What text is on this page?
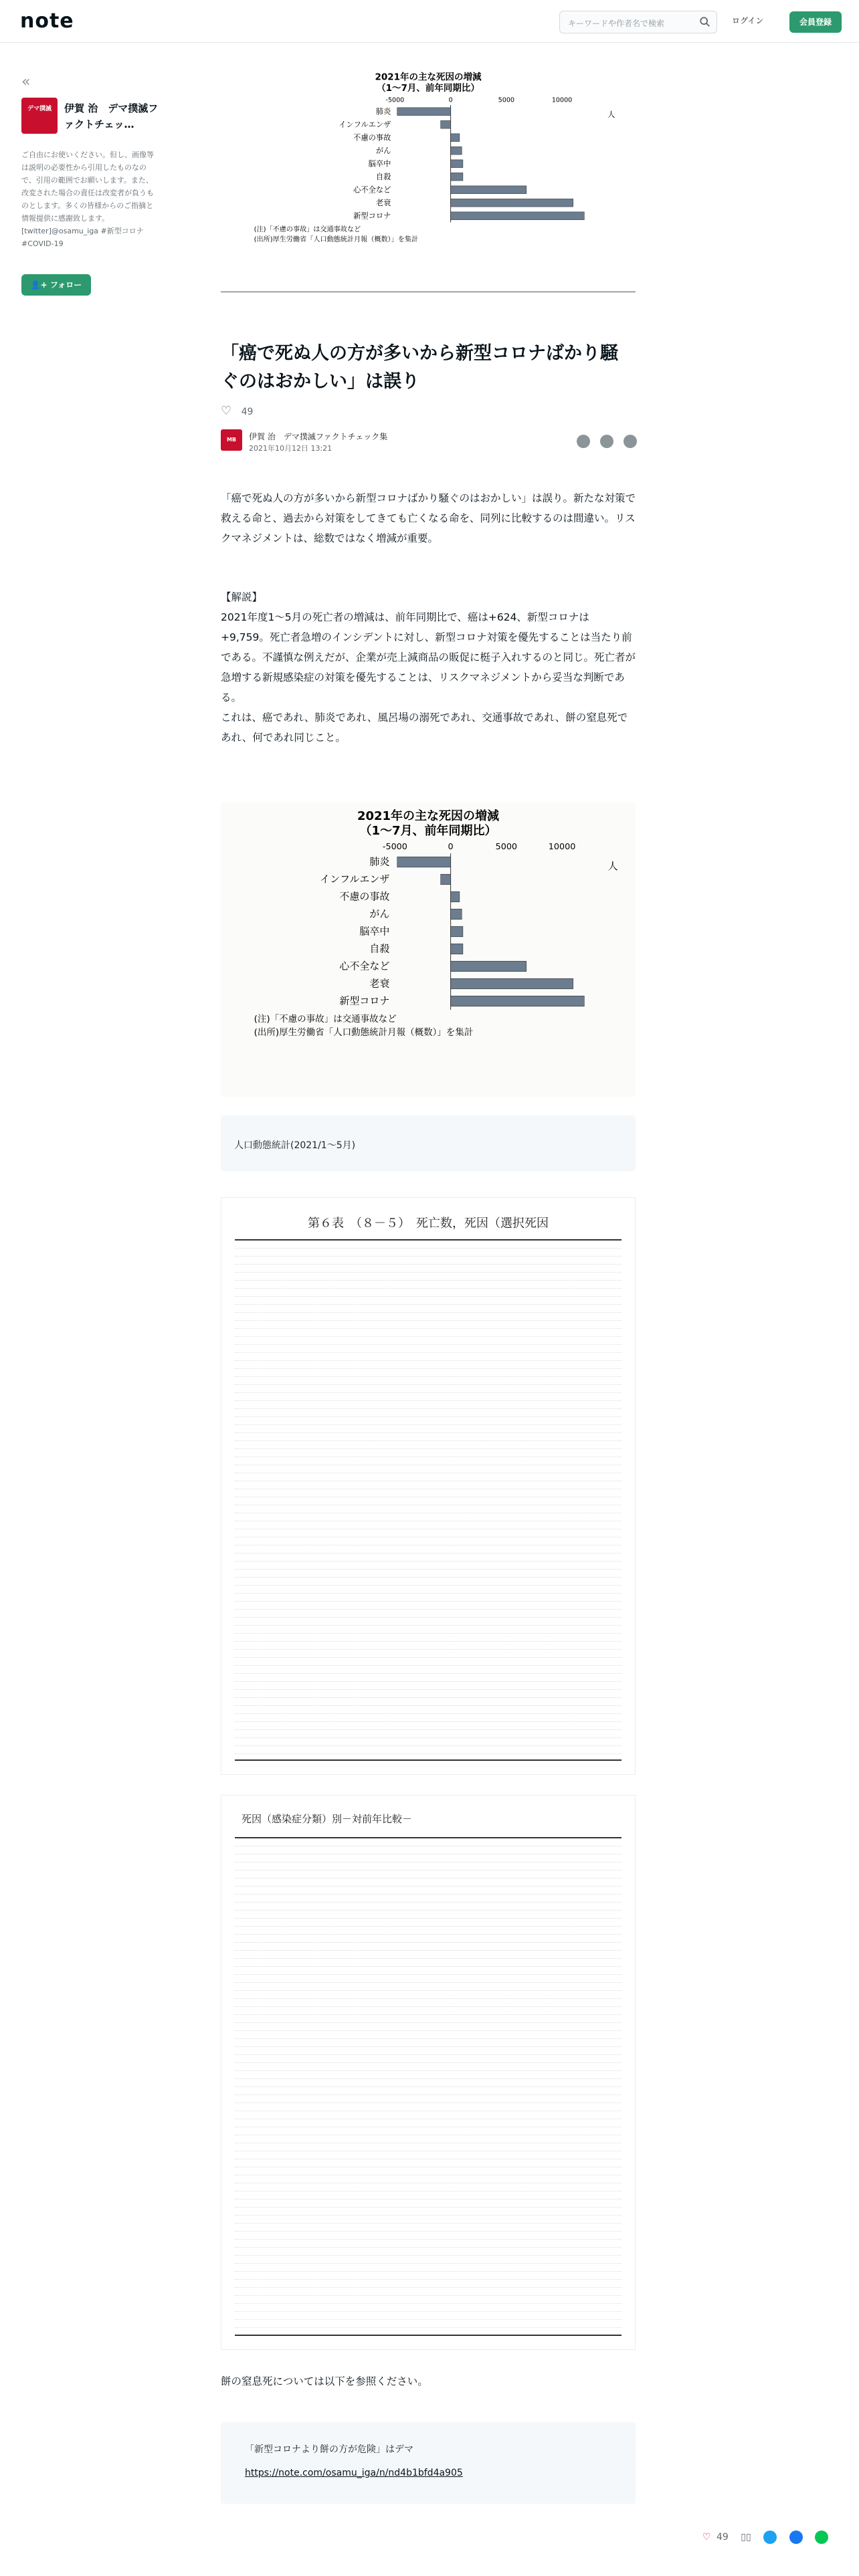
note	キーワードや作者名で検索	ログイン	会員登録
«
デマ撲滅	伊賀 治　デマ撲滅ファクトチェッ…
ご自由にお使いください。但し、画像等は説明の必要性から引用したものなので、引用の範囲でお願いします。また、改変された場合の責任は改変者が負うものとします。多くの皆様からのご指摘と情報提供に感謝致します。 [twitter]@osamu_iga #新型コロナ #COVID-19
👤+ フォロー
2021年の主な死因の増減
（1〜7月、前年同期比）
-5000	0	5000	10000
人
肺炎
インフルエンザ
不慮の事故
がん
脳卒中
自殺
心不全など
老衰
新型コロナ
(注)「不慮の事故」は交通事故など
(出所)厚生労働省「人口動態統計月報（概数）」を集計
「癌で死ぬ人の方が多いから新型コロナばかり騒ぐのはおかしい」は誤り
♡ 49
MB	伊賀 治　デマ撲滅ファクトチェック集
2021年10月12日 13:21

「癌で死ぬ人の方が多いから新型コロナばかり騒ぐのはおかしい」は誤り。新たな対策で救える命と、過去から対策をしてきても亡くなる命を、同列に比較するのは間違い。リスクマネジメントは、総数ではなく増減が重要。
【解説】
2021年度1〜5月の死亡者の増減は、前年同期比で、癌は+624、新型コロナは+9,759。死亡者急増のインシデントに対し、新型コロナ対策を優先することは当たり前である。不謹慎な例えだが、企業が売上減商品の販促に梃子入れするのと同じ。死亡者が急増する新規感染症の対策を優先することは、リスクマネジメントから妥当な判断である。
これは、癌であれ、肺炎であれ、風呂場の溺死であれ、交通事故であれ、餅の窒息死であれ、何であれ同じこと。
2021年の主な死因の増減
（1〜7月、前年同期比）
-5000	0	5000	10000
人
肺炎
インフルエンザ
不慮の事故
がん
脳卒中
自殺
心不全など
老衰
新型コロナ
(注)「不慮の事故」は交通事故など
(出所)厚生労働省「人口動態統計月報（概数）」を集計
人口動態統計(2021/1〜5月)
第６表　（８－５）　死亡数，死因（選択死因
死因（感染症分類）別－対前年比較－
餅の窒息死については以下を参照ください。
「新型コロナより餅の方が危険」はデマ
https://note.com/osamu_iga/n/nd4b1bfd4a905
♡ 49 ▯▯
